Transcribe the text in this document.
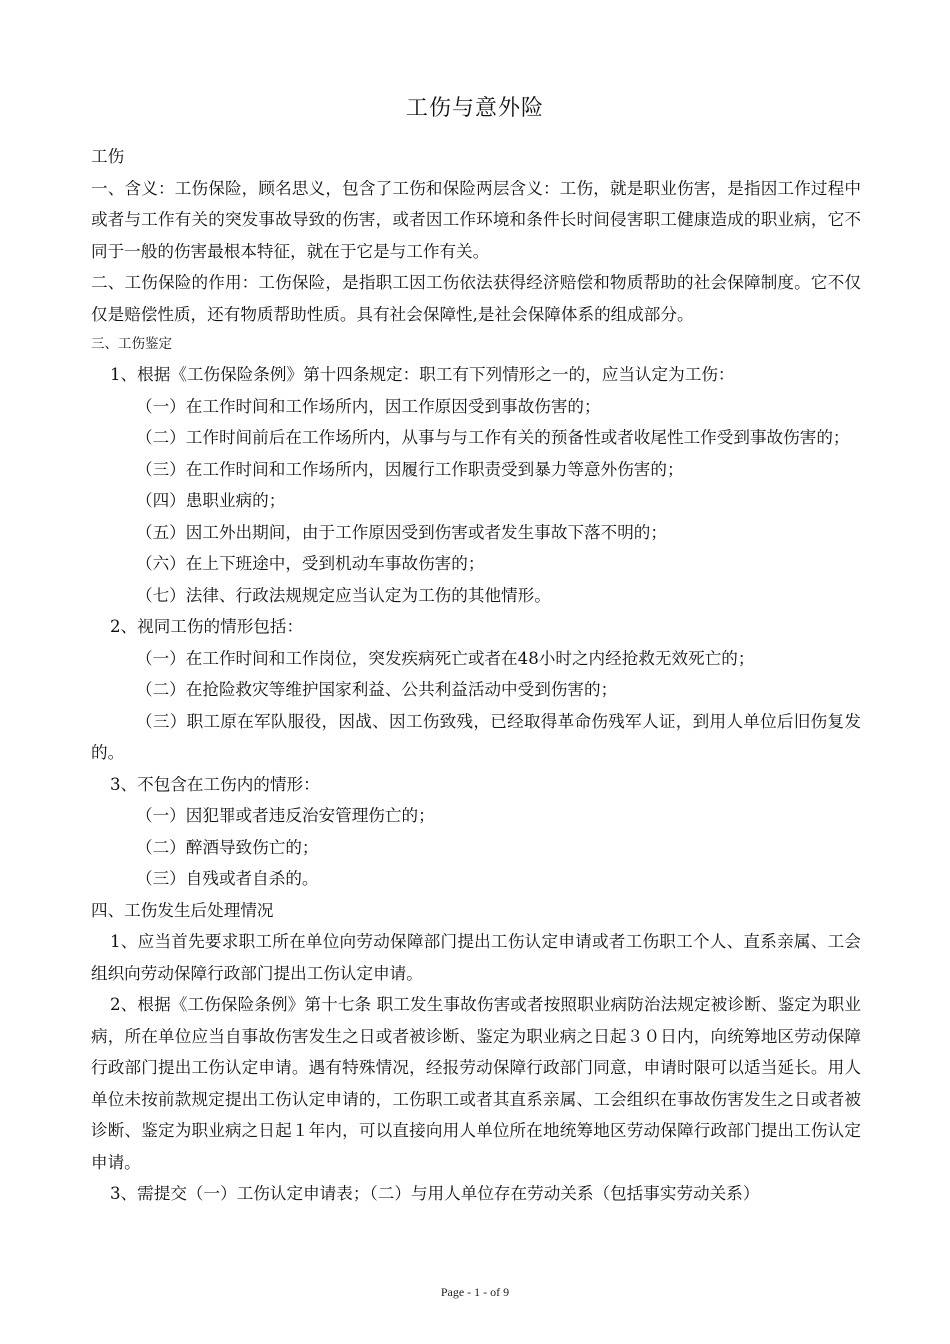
工伤与意外险

工伤

一、含义：工伤保险，顾名思义，包含了工伤和保险两层含义：工伤，就是职业伤害，是指因工作过程中或者与工作有关的突发事故导致的伤害，或者因工作环境和条件长时间侵害职工健康造成的职业病，它不同于一般的伤害最根本特征，就在于它是与工作有关。

二、工伤保险的作用：工伤保险，是指职工因工伤依法获得经济赔偿和物质帮助的社会保障制度。它不仅仅是赔偿性质，还有物质帮助性质。具有社会保障性,是社会保障体系的组成部分。

三、工伤鉴定

1、根据《工伤保险条例》第十四条规定：职工有下列情形之一的，应当认定为工伤：

（一）在工作时间和工作场所内，因工作原因受到事故伤害的；

（二）工作时间前后在工作场所内，从事与与工作有关的预备性或者收尾性工作受到事故伤害的；

（三）在工作时间和工作场所内，因履行工作职责受到暴力等意外伤害的；

（四）患职业病的；

（五）因工外出期间，由于工作原因受到伤害或者发生事故下落不明的；

（六）在上下班途中，受到机动车事故伤害的；

（七）法律、行政法规规定应当认定为工伤的其他情形。

2、视同工伤的情形包括：

（一）在工作时间和工作岗位，突发疾病死亡或者在48小时之内经抢救无效死亡的；

（二）在抢险救灾等维护国家利益、公共利益活动中受到伤害的；

（三）职工原在军队服役，因战、因工伤致残，已经取得革命伤残军人证，到用人单位后旧伤复发的。

3、不包含在工伤内的情形：

（一）因犯罪或者违反治安管理伤亡的；

（二）醉酒导致伤亡的；

（三）自残或者自杀的。

四、工伤发生后处理情况

1、应当首先要求职工所在单位向劳动保障部门提出工伤认定申请或者工伤职工个人、直系亲属、工会组织向劳动保障行政部门提出工伤认定申请。

2、根据《工伤保险条例》第十七条 职工发生事故伤害或者按照职业病防治法规定被诊断、鉴定为职业病，所在单位应当自事故伤害发生之日或者被诊断、鉴定为职业病之日起３０日内，向统筹地区劳动保障行政部门提出工伤认定申请。遇有特殊情况，经报劳动保障行政部门同意，申请时限可以适当延长。用人单位未按前款规定提出工伤认定申请的，工伤职工或者其直系亲属、工会组织在事故伤害发生之日或者被诊断、鉴定为职业病之日起１年内，可以直接向用人单位所在地统筹地区劳动保障行政部门提出工伤认定申请。

3、需提交（一）工伤认定申请表；（二）与用人单位存在劳动关系（包括事实劳动关系）

Page - 1 - of 9
